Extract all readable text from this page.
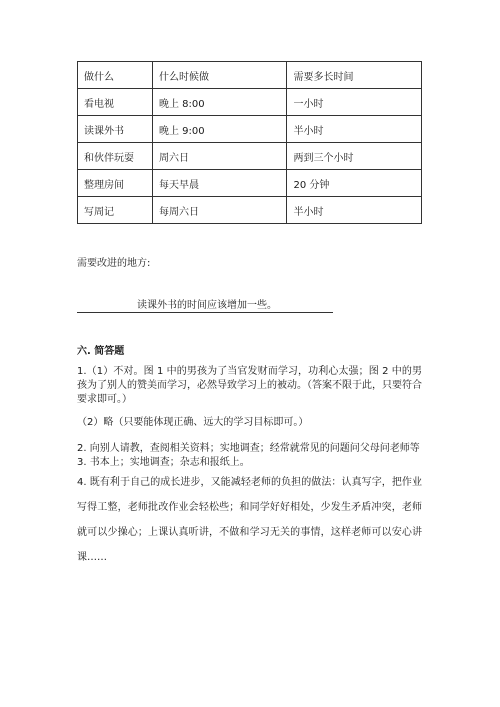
做什么	什么时候做	需要多长时间
看电视	晚上 8:00	一小时
读课外书	晚上 9:00	半小时
和伙伴玩耍	周六日	两到三个小时
整理房间	每天早晨	20 分钟
写周记	每周六日	半小时
需要改进的地方:
读课外书的时间应该增加一些。
六. 简答题
1.（1）不对。图 1 中的男孩为了当官发财而学习，功利心太强；图 2 中的男孩为了别人的赞美而学习，必然导致学习上的被动。（答案不限于此，只要符合要求即可。）
（2）略（只要能体现正确、远大的学习目标即可。）
2. 向别人请教，查阅相关资料；实地调查；经常就常见的问题问父母问老师等
3. 书本上；实地调查；杂志和报纸上。
4. 既有利于自己的成长进步，又能减轻老师的负担的做法：认真写字，把作业写得工整，老师批改作业会轻松些；和同学好好相处，少发生矛盾冲突，老师就可以少操心；上课认真听讲，不做和学习无关的事情，这样老师可以安心讲课……
